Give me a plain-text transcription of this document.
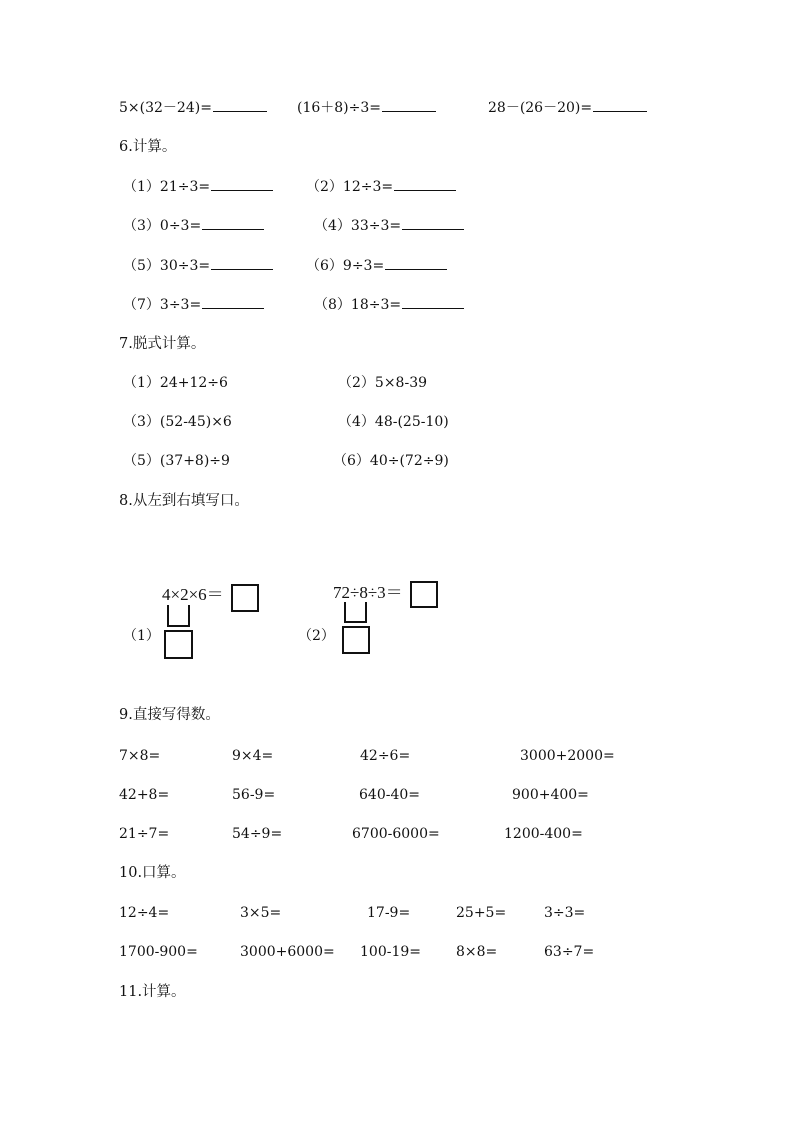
5×(32－24)=	(16＋8)÷3=	28－(26－20)=
6.计算。
（1）21÷3=	（2）12÷3=
（3）0÷3=	（4）33÷3=
（5）30÷3=	（6）9÷3=
（7）3÷3=	（8）18÷3=
7.脱式计算。
（1）24+12÷6	（2）5×8-39
（3）(52-45)×6	（4）48-(25-10)
（5）(37+8)÷9	（6）40÷(72÷9)
8.从左到右填写口。
（1）
4×2×6＝
（2）
72÷8÷3＝
9.直接写得数。
7×8=	9×4=	42÷6=	3000+2000=
42+8=	56-9=	640-40=	900+400=
21÷7=	54÷9=	6700-6000=	1200-400=
10.口算。
12÷4=	3×5=	17-9=	25+5=	3÷3=
1700-900=	3000+6000= 100-19=	8×8=	63÷7=
11.计算。
